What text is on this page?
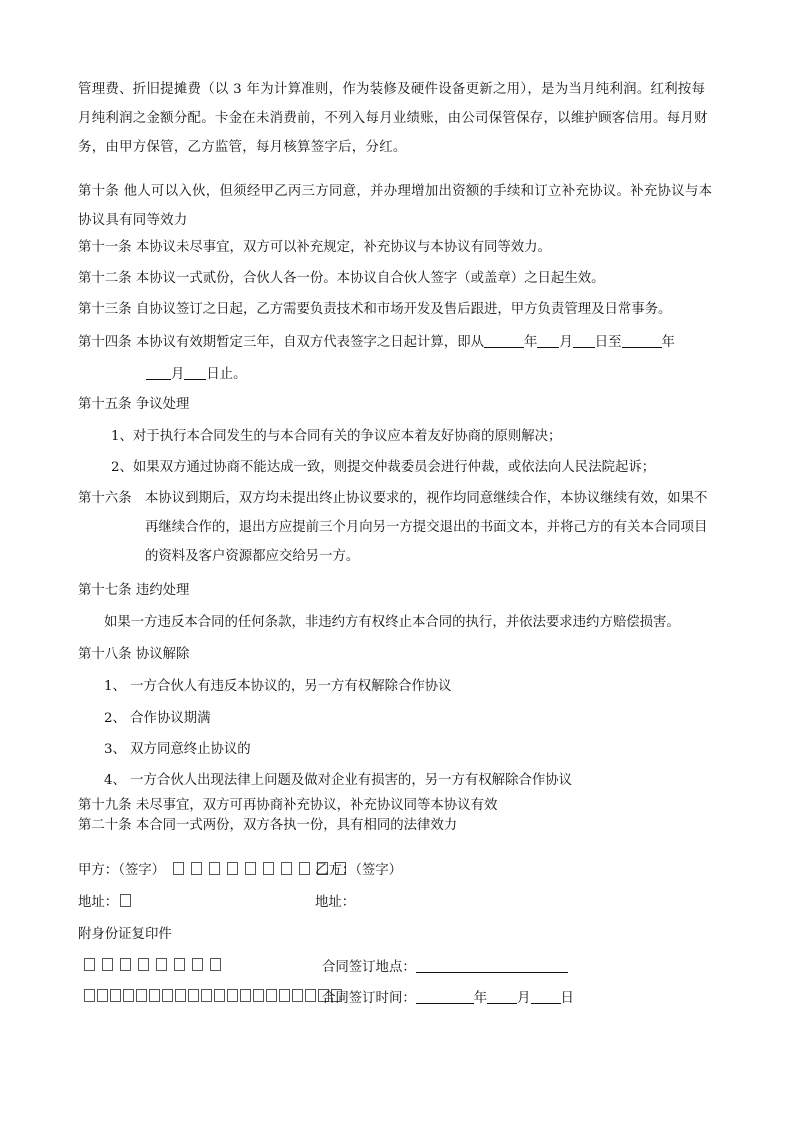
管理费、折旧提摊费（以 3 年为计算准则，作为装修及硬件设备更新之用），是为当月纯利润。红利按每月纯利润之金额分配。卡金在未消费前，不列入每月业绩账，由公司保管保存，以维护顾客信用。每月财务，由甲方保管，乙方监管，每月核算签字后，分红。
第十条 他人可以入伙，但须经甲乙丙三方同意，并办理增加出资额的手续和订立补充协议。补充协议与本协议具有同等效力
第十一条 本协议未尽事宜，双方可以补充规定，补充协议与本协议有同等效力。
第十二条 本协议一式贰份，合伙人各一份。本协议自合伙人签字（或盖章）之日起生效。
第十三条 自协议签订之日起，乙方需要负责技术和市场开发及售后跟进，甲方负责管理及日常事务。
第十四条 本协议有效期暂定三年，自双方代表签字之日起计算，即从	年 月 日至	年
月 日止。
第十五条 争议处理
1、对于执行本合同发生的与本合同有关的争议应本着友好协商的原则解决；
2、如果双方通过协商不能达成一致，则提交仲裁委员会进行仲裁，或依法向人民法院起诉；
第十六条	本协议到期后，双方均未提出终止协议要求的，视作均同意继续合作，本协议继续有效，如果不再继续合作的，退出方应提前三个月向另一方提交退出的书面文本，并将己方的有关本合同项目的资料及客户资源都应交给另一方。
第十七条 违约处理
如果一方违反本合同的任何条款，非违约方有权终止本合同的执行，并依法要求违约方赔偿损害。
第十八条 协议解除
1、 一方合伙人有违反本协议的，另一方有权解除合作协议
2、 合作协议期满
3、 双方同意终止协议的
4、 一方合伙人出现法律上问题及做对企业有损害的，另一方有权解除合作协议
第十九条 未尽事宜，双方可再协商补充协议，补充协议同等本协议有效
第二十条 本合同一式两份，双方各执一份，具有相同的法律效力
甲方：（签字）	乙方：（签字）
地址：	地址：
附身份证复印件
合同签订地点：
合同签订时间：	年 月 日
